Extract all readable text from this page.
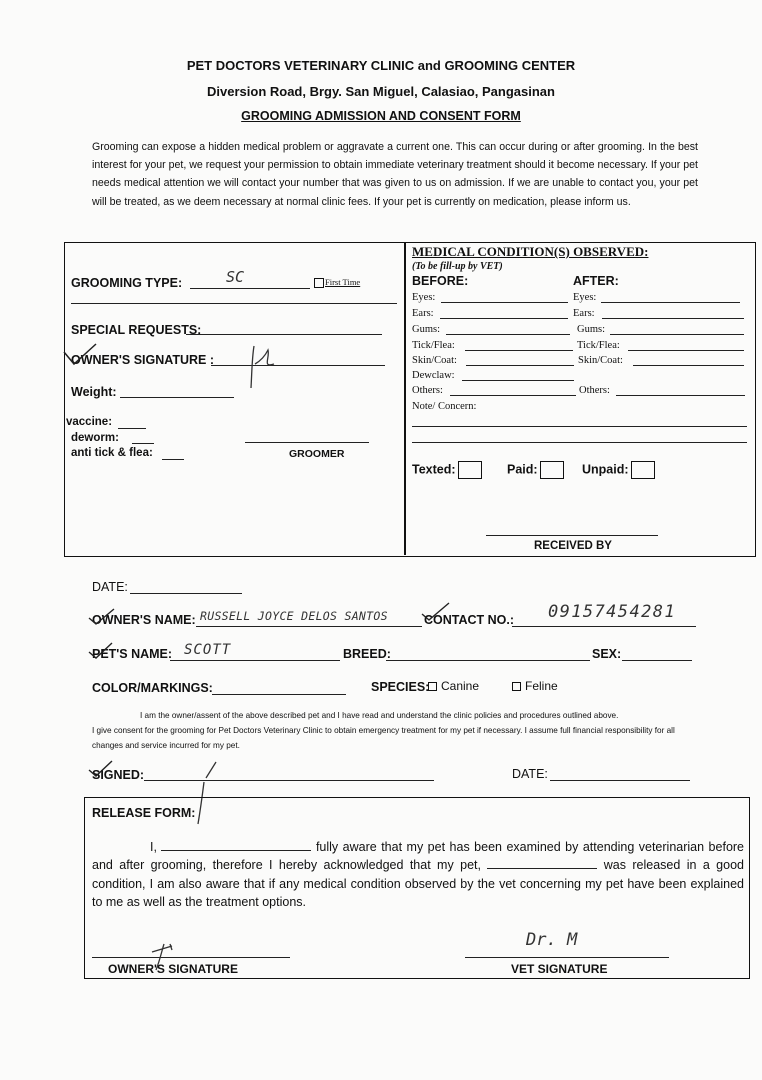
PET DOCTORS VETERINARY CLINIC and GROOMING CENTER
Diversion Road, Brgy. San Miguel, Calasiao, Pangasinan
GROOMING ADMISSION AND CONSENT FORM
Grooming can expose a hidden medical problem or aggravate a current one. This can occur during or after grooming. In the best interest for your pet, we request your permission to obtain immediate veterinary treatment should it become necessary. If your pet needs medical attention we will contact your number that was given to us on admission. If we are unable to contact you, your pet will be treated, as we deem necessary at normal clinic fees. If your pet is currently on medication, please inform us.
GROOMING TYPE:	SC	First Time
SPECIAL REQUESTS:
OWNER'S SIGNATURE :
Weight:
vaccine:
deworm:
anti tick & flea:	GROOMER
MEDICAL CONDITION(S) OBSERVED:
(To be fill-up by VET)
BEFORE:	AFTER:
Eyes:	Eyes:
Ears:	Ears:
Gums:	Gums:
Tick/Flea:	Tick/Flea:
Skin/Coat:	Skin/Coat:
Dewclaw:
Others:	Others:
Note/ Concern:
Texted:	Paid:	Unpaid:
RECEIVED BY
DATE:
OWNER'S NAME: RUSSELL JOYCE DELOS SANTOS	CONTACT NO.: 09157454281
PET'S NAME: SCOTT	BREED:	SEX:
COLOR/MARKINGS:	SPECIES: Canine	Feline
I am the owner/assent of the above described pet and I have read and understand the clinic policies and procedures outlined above.
I give consent for the grooming for Pet Doctors Veterinary Clinic to obtain emergency treatment for my pet if necessary. I assume full financial responsibility for all changes and service incurred for my pet.
SIGNED:	DATE:
RELEASE FORM:
I,	fully aware that my pet has been examined by attending veterinarian before and after grooming, therefore I hereby acknowledged that my pet,	was released in a good condition, I am also aware that if any medical condition observed by the vet concerning my pet have been explained to me as well as the treatment options.
OWNER'S SIGNATURE
Dr. M
VET SIGNATURE
